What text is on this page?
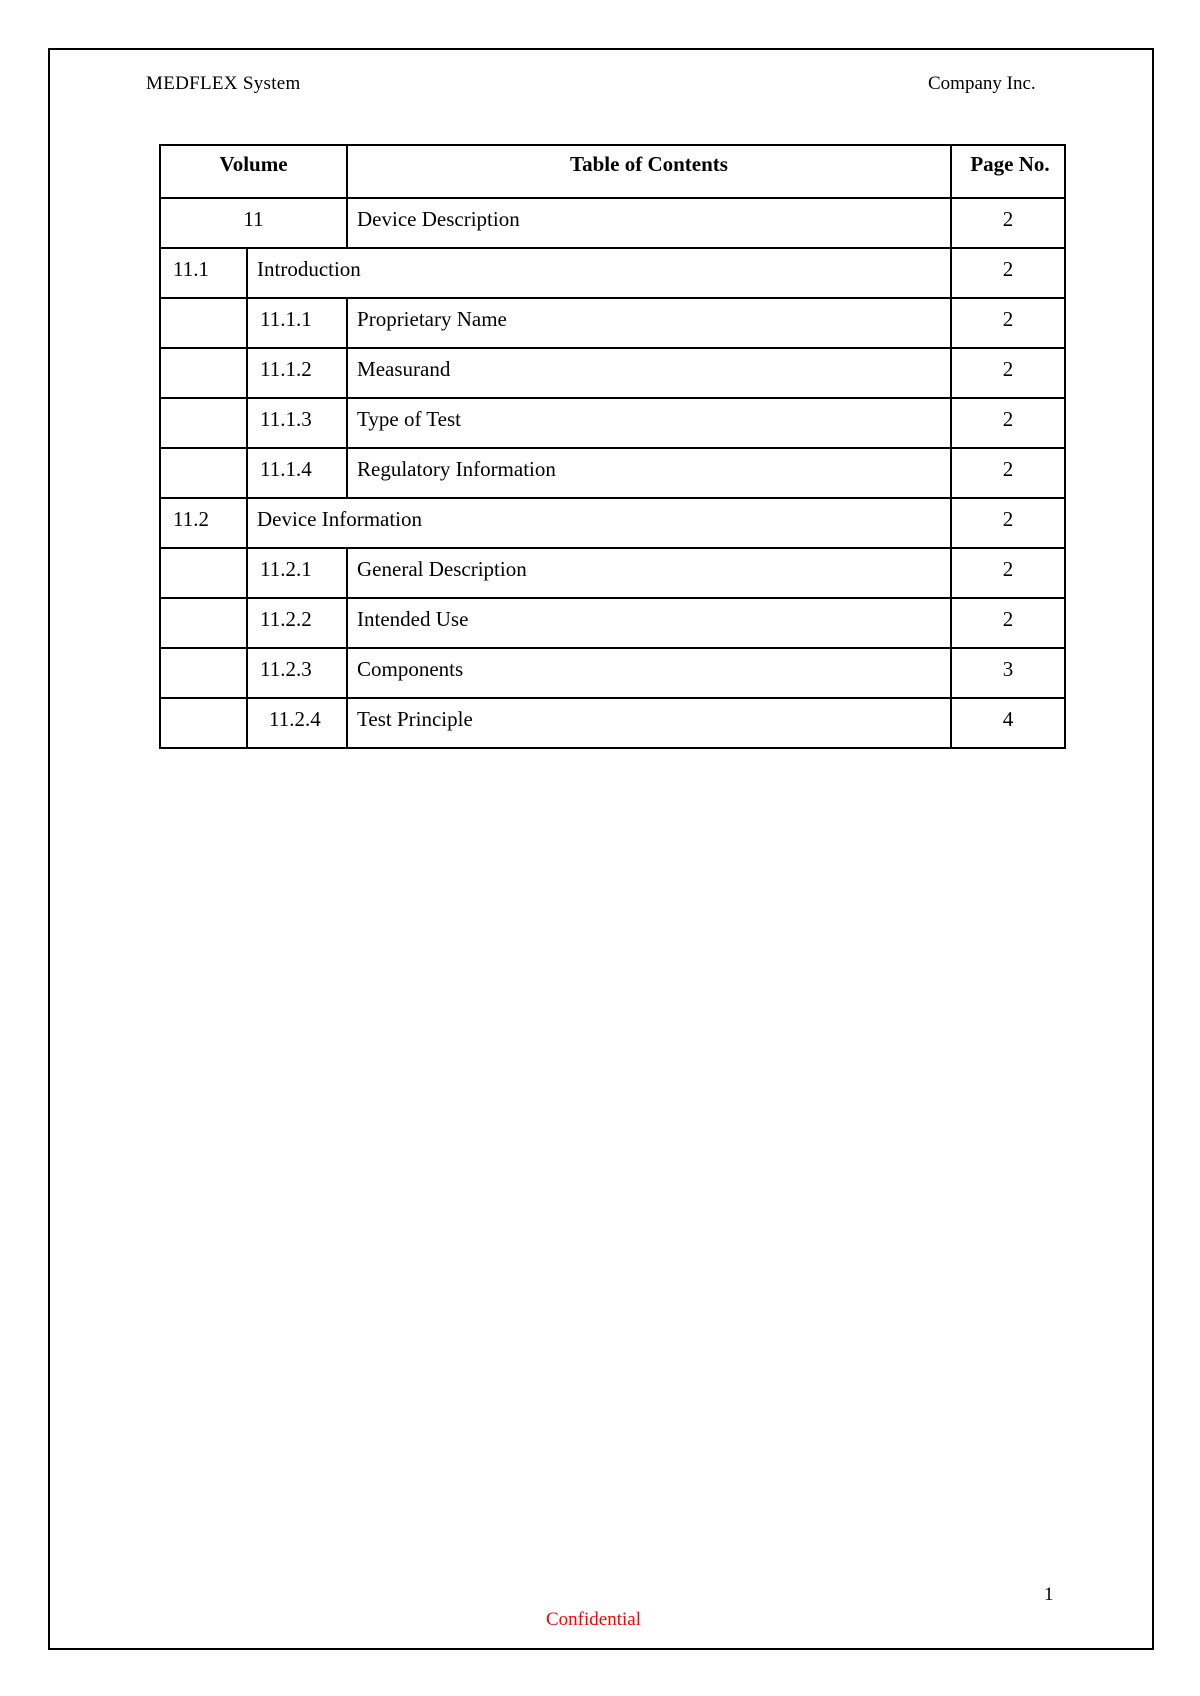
MEDFLEX System	Company Inc.
Volume		Table of Contents	Page No.
11		Device Description	2
11.1	Introduction		2
	11.1.1	Proprietary Name	2
	11.1.2	Measurand	2
	11.1.3	Type of Test	2
	11.1.4	Regulatory Information	2
11.2	Device Information		2
	11.2.1	General Description	2
	11.2.2	Intended Use	2
	11.2.3	Components	3
	11.2.4	Test Principle	4
1
Confidential
